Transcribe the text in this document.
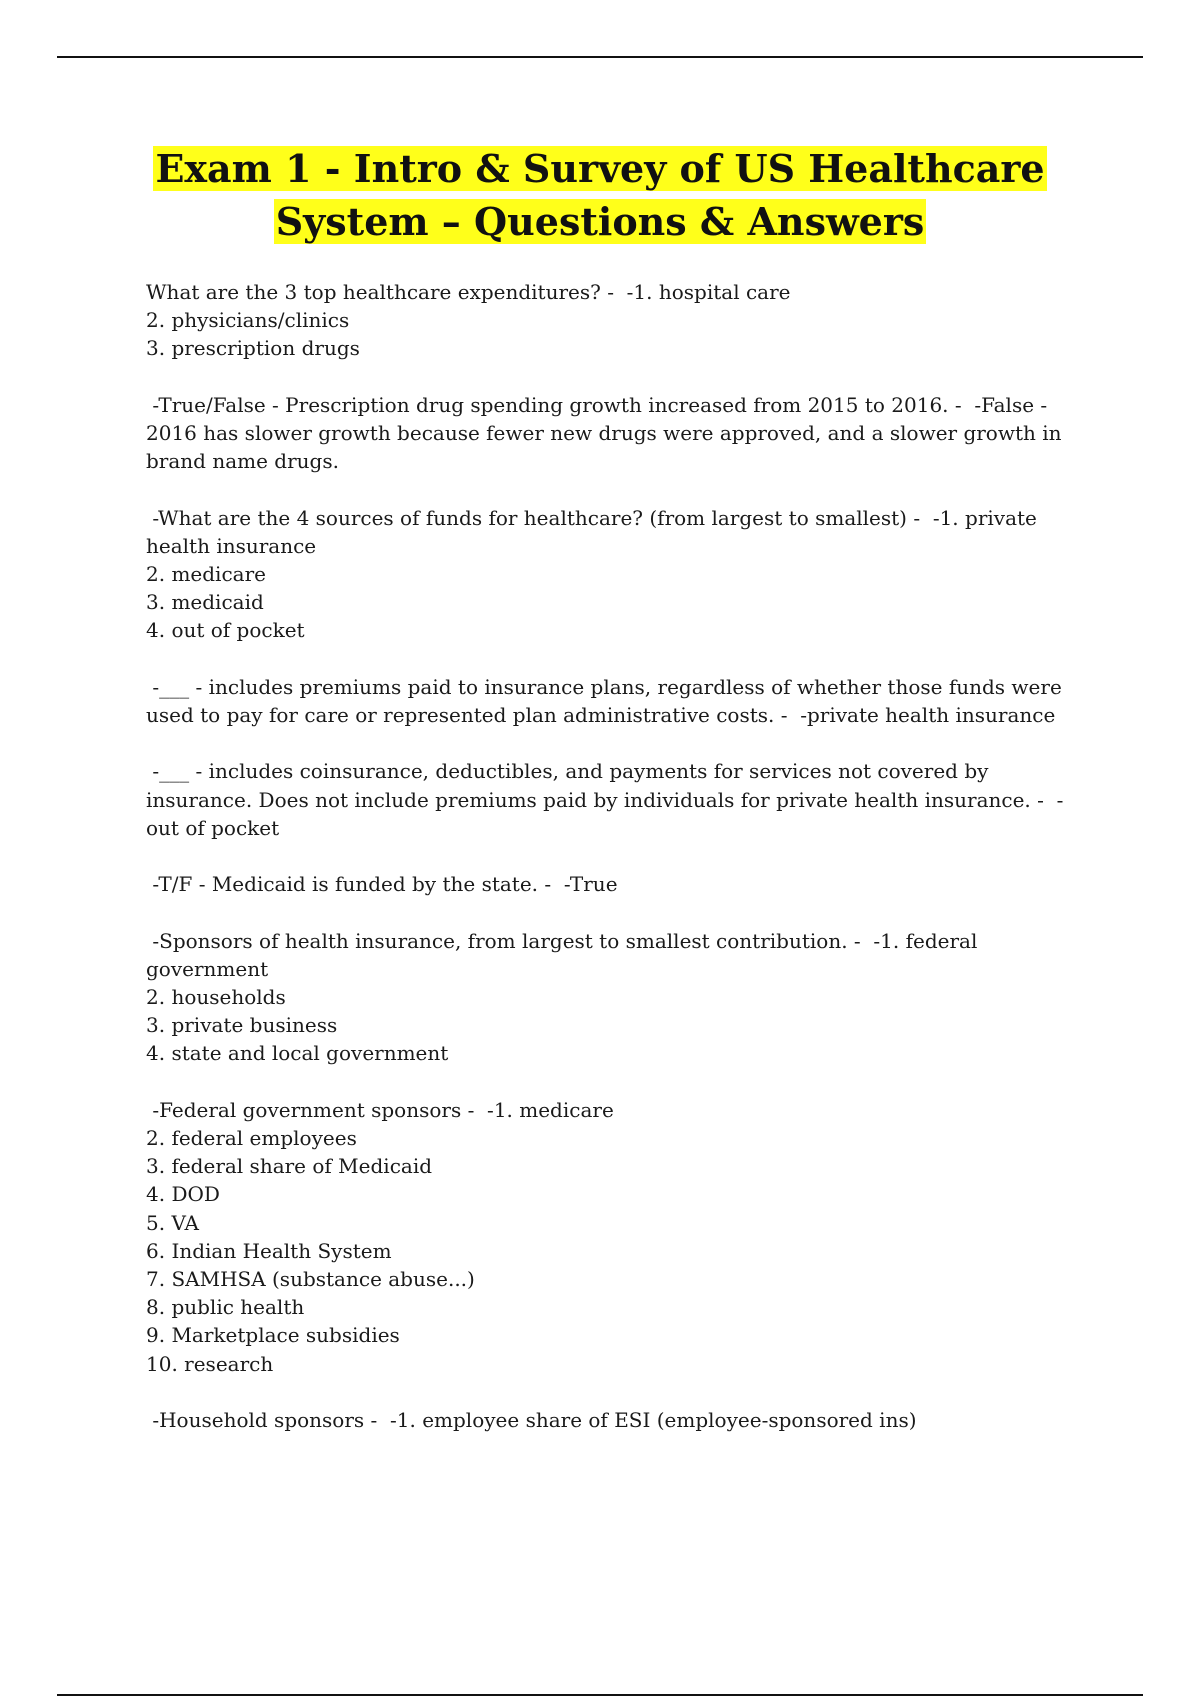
Exam 1 - Intro & Survey of US Healthcare
System – Questions & Answers
What are the 3 top healthcare expenditures? -  -1. hospital care
2. physicians/clinics
3. prescription drugs
-True/False - Prescription drug spending growth increased from 2015 to 2016. -  -False -
2016 has slower growth because fewer new drugs were approved, and a slower growth in
brand name drugs.
-What are the 4 sources of funds for healthcare? (from largest to smallest) -  -1. private
health insurance
2. medicare
3. medicaid
4. out of pocket
-___ - includes premiums paid to insurance plans, regardless of whether those funds were
used to pay for care or represented plan administrative costs. -  -private health insurance
-___ - includes coinsurance, deductibles, and payments for services not covered by
insurance. Does not include premiums paid by individuals for private health insurance. -  -
out of pocket
-T/F - Medicaid is funded by the state. -  -True
-Sponsors of health insurance, from largest to smallest contribution. -  -1. federal
government
2. households
3. private business
4. state and local government
-Federal government sponsors -  -1. medicare
2. federal employees
3. federal share of Medicaid
4. DOD
5. VA
6. Indian Health System
7. SAMHSA (substance abuse...)
8. public health
9. Marketplace subsidies
10. research
-Household sponsors -  -1. employee share of ESI (employee-sponsored ins)
